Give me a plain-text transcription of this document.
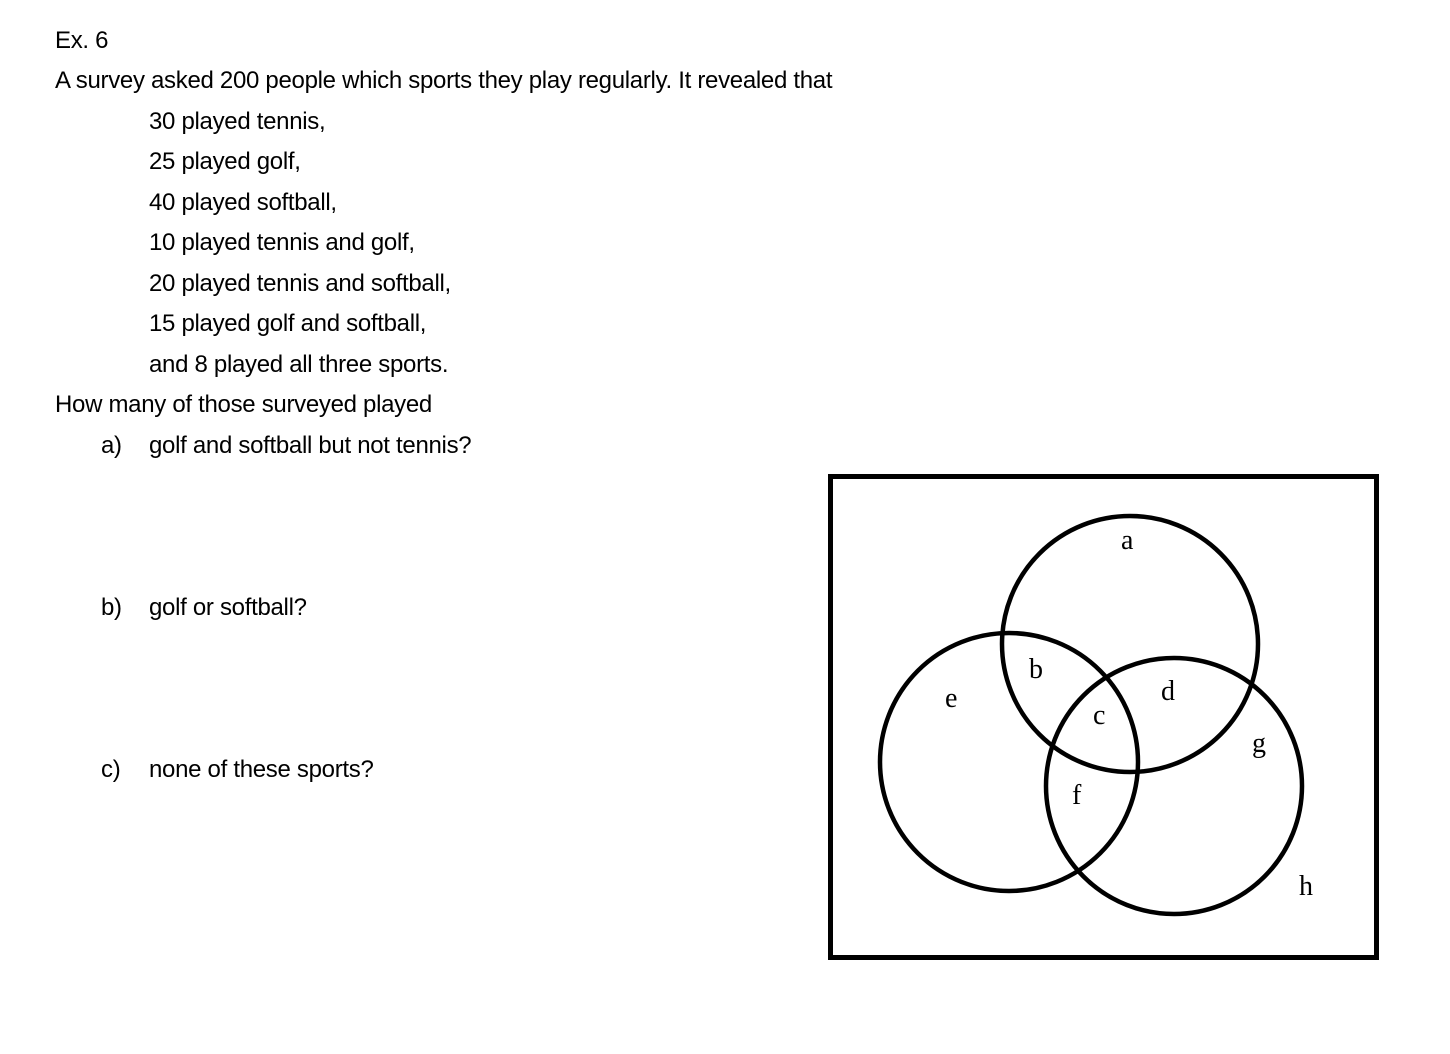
Ex. 6
A survey asked 200 people which sports they play regularly. It revealed that
30 played tennis,
25 played golf,
40 played softball,
10 played tennis and golf,
20 played tennis and softball,
15 played golf and softball,
and 8 played all three sports.
How many of those surveyed played
a) golf and softball but not tennis?
b) golf or softball?
c) none of these sports?
a
b
c
d
e
f
g
h
